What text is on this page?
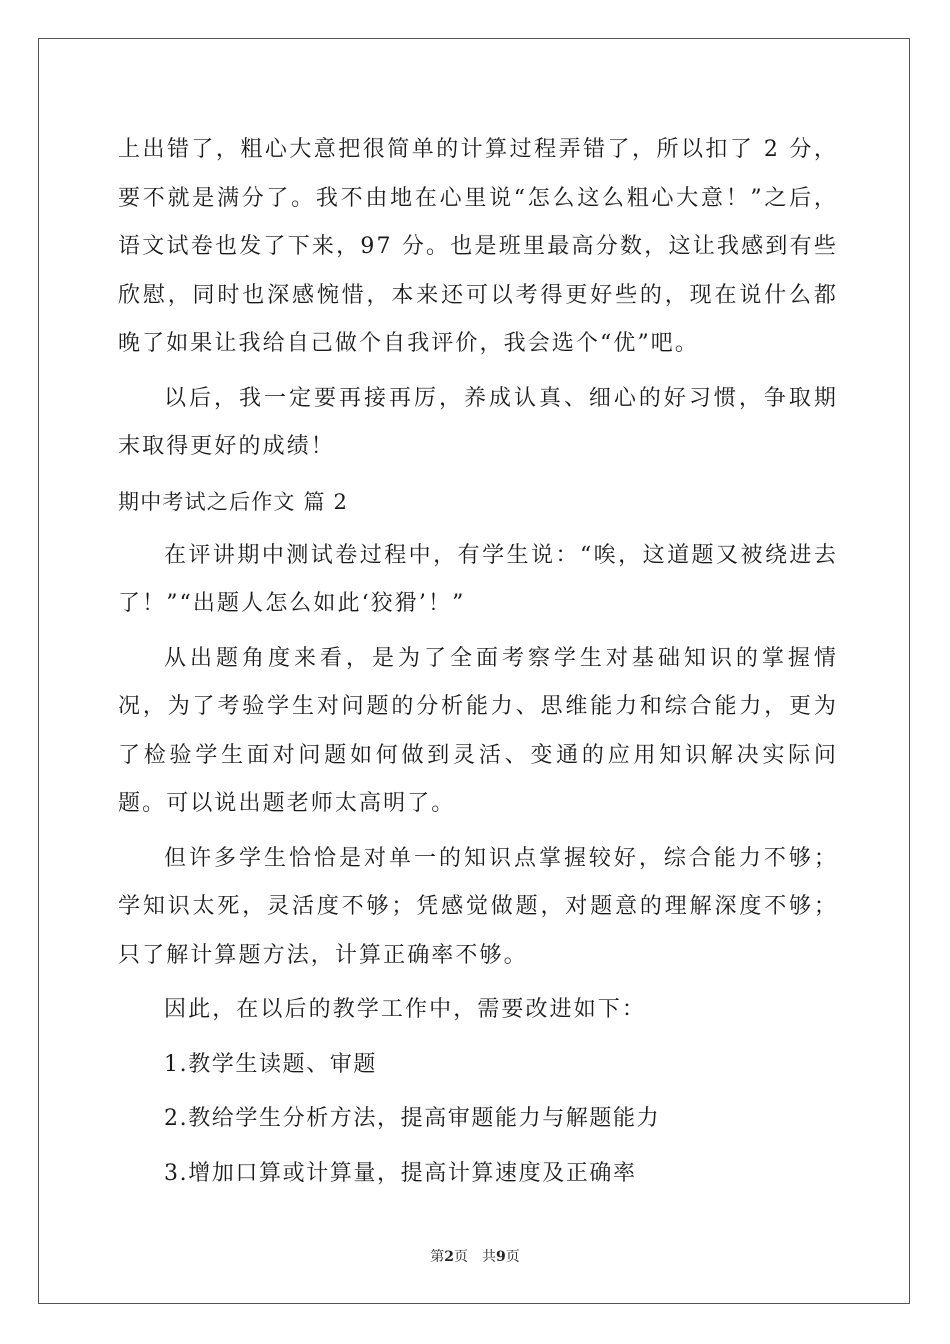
上出错了，粗心大意把很简单的计算过程弄错了，所以扣了 2 分，要不就是满分了。我不由地在心里说“怎么这么粗心大意！”之后，语文试卷也发了下来，97 分。也是班里最高分数，这让我感到有些欣慰，同时也深感惋惜，本来还可以考得更好些的，现在说什么都晚了如果让我给自己做个自我评价，我会选个“优”吧。

以后，我一定要再接再厉，养成认真、细心的好习惯，争取期末取得更好的成绩！

期中考试之后作文 篇 2

在评讲期中测试卷过程中，有学生说：“唉，这道题又被绕进去了！”“出题人怎么如此‘狡猾’！”

从出题角度来看，是为了全面考察学生对基础知识的掌握情况，为了考验学生对问题的分析能力、思维能力和综合能力，更为了检验学生面对问题如何做到灵活、变通的应用知识解决实际问题。可以说出题老师太高明了。

但许多学生恰恰是对单一的知识点掌握较好，综合能力不够；学知识太死，灵活度不够；凭感觉做题，对题意的理解深度不够；只了解计算题方法，计算正确率不够。

因此，在以后的教学工作中，需要改进如下：

1.教学生读题、审题

2.教给学生分析方法，提高审题能力与解题能力

3.增加口算或计算量，提高计算速度及正确率

第2页 共9页
